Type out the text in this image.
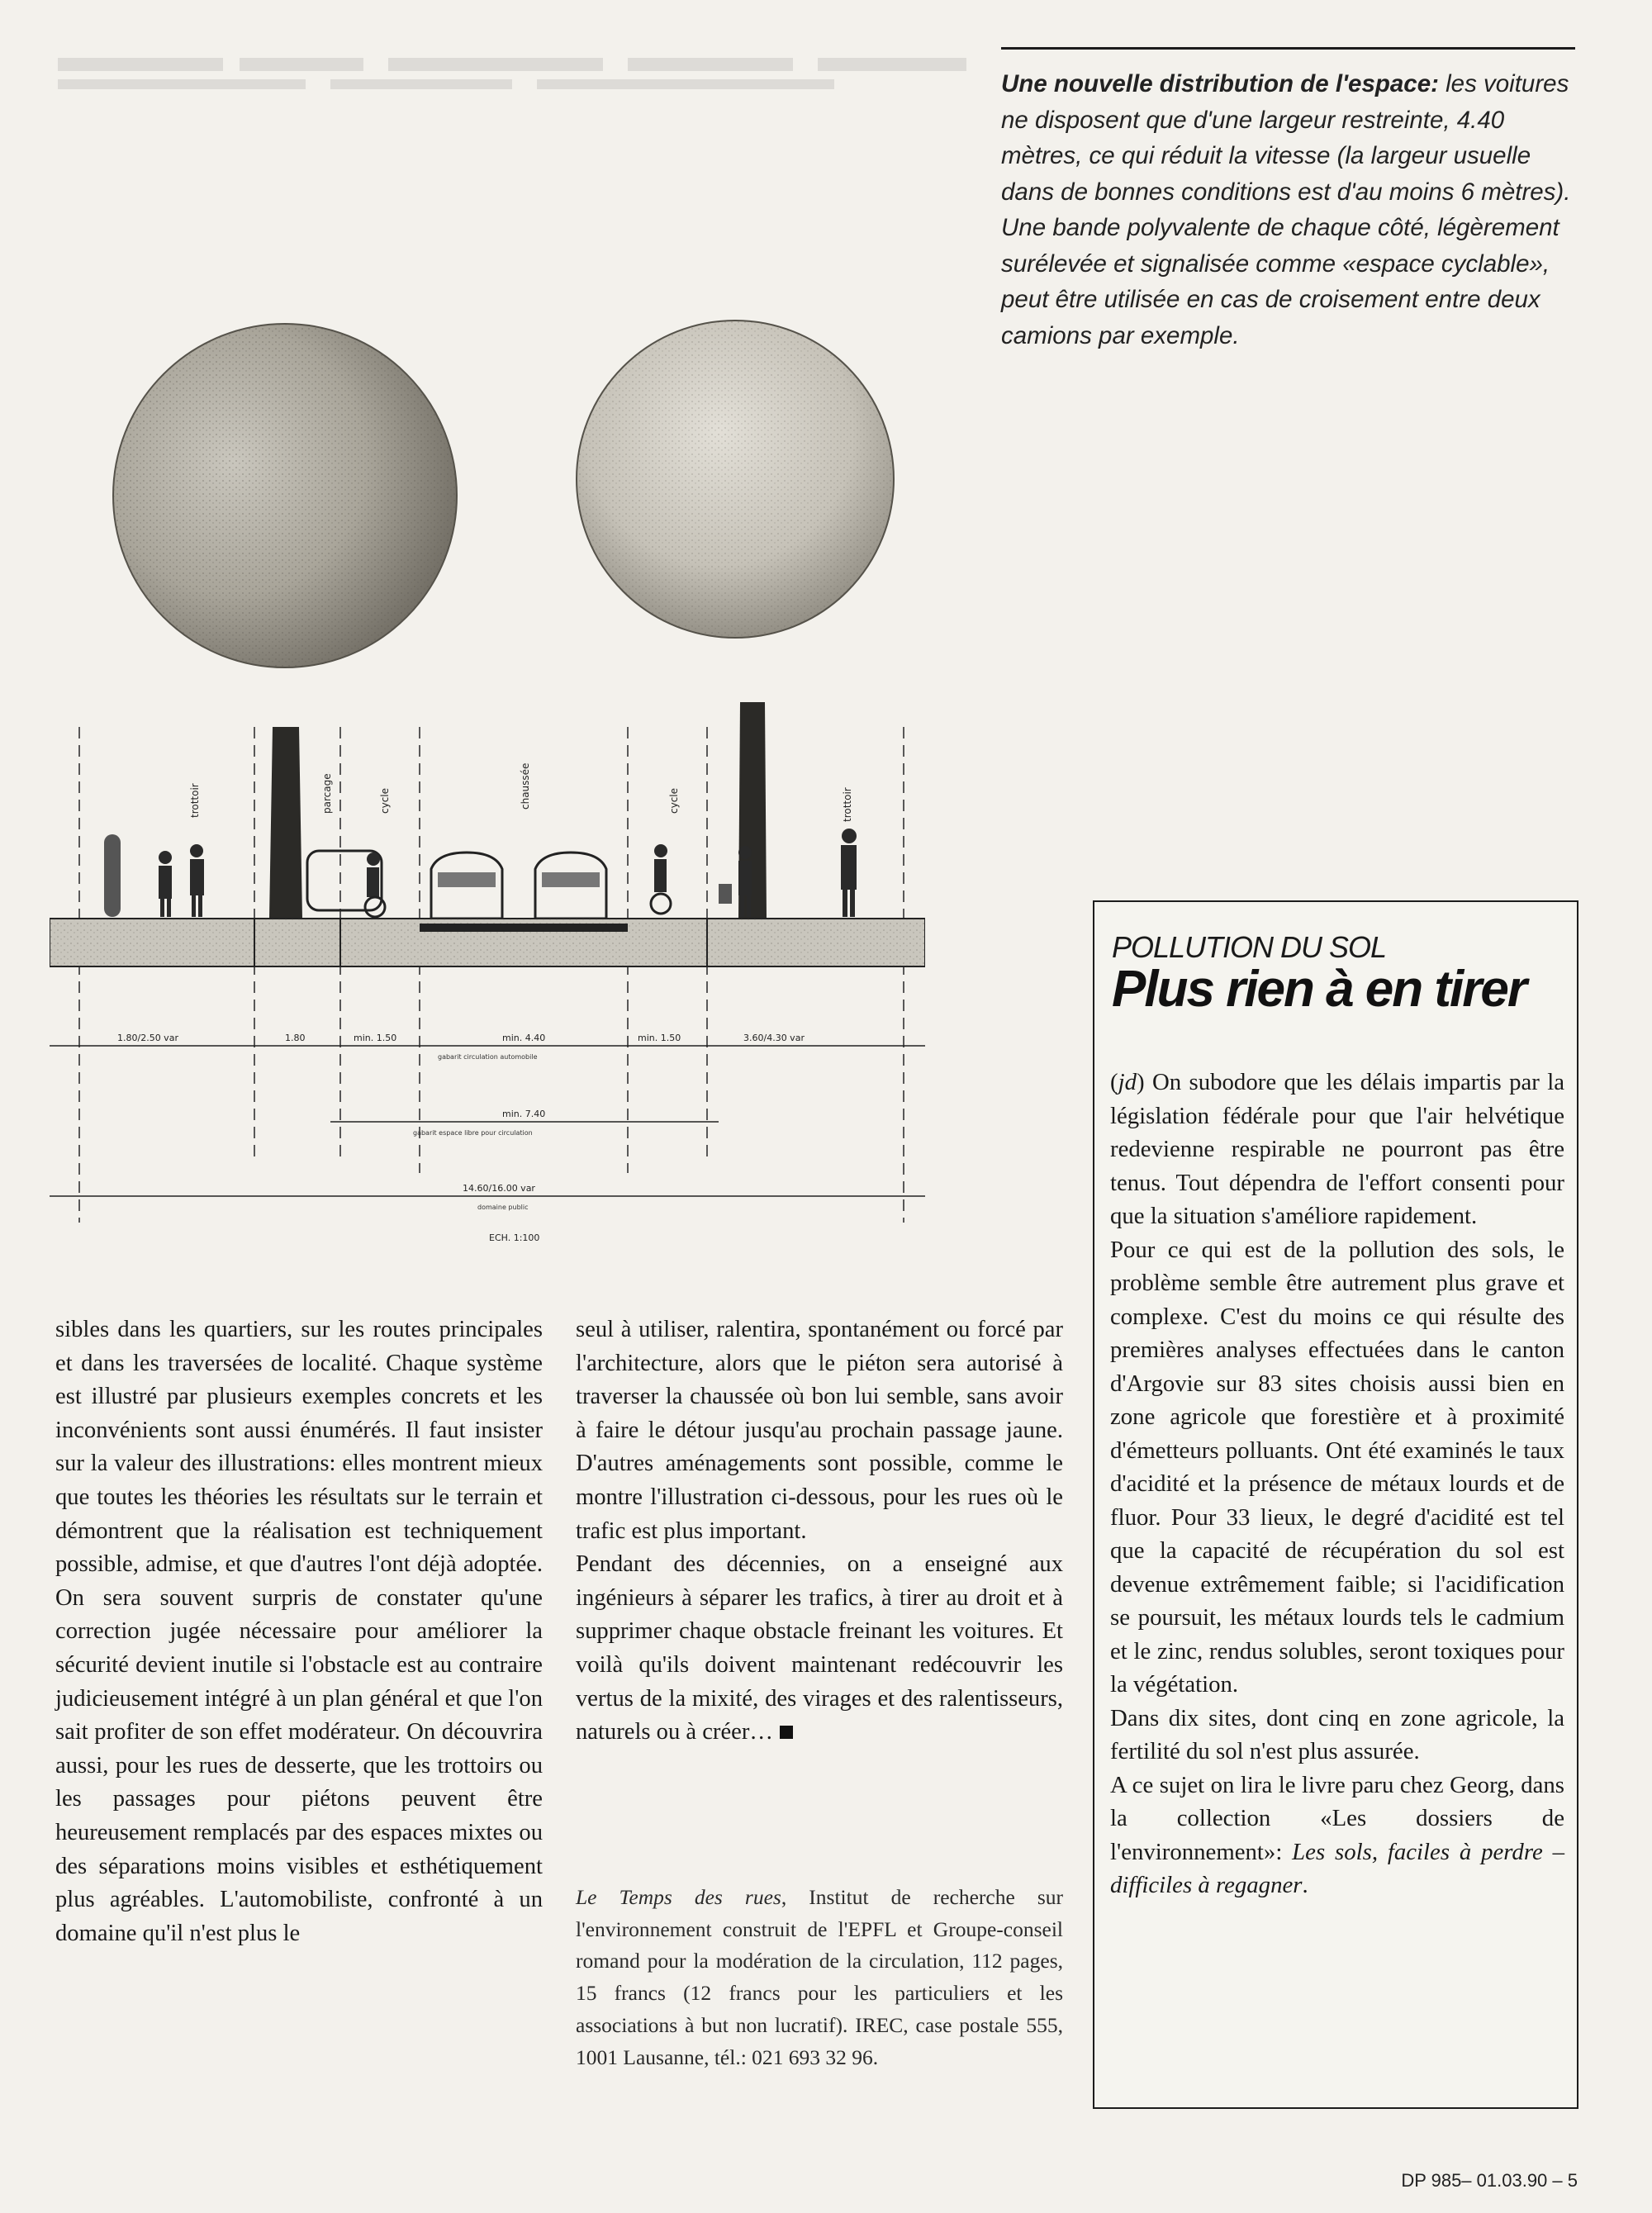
Une nouvelle distribution de l'espace: les voitures ne disposent que d'une largeur restreinte, 4.40 mètres, ce qui réduit la vitesse (la largeur usuelle dans de bonnes conditions est d'au moins 6 mètres). Une bande polyvalente de chaque côté, légèrement surélevée et signalisée comme «espace cyclable», peut être utilisée en cas de croisement entre deux camions par exemple.
trottoir	parcage	cycle	chaussée	cycle	trottoir
1.80/2.50 var	1.80	min. 1.50	min. 4.40	min. 1.50	3.60/4.30 var
gabarit circulation automobile
min. 7.40
gabarit espace libre pour circulation
14.60/16.00 var
domaine public
ECH. 1:100
sibles dans les quartiers, sur les routes principales et dans les traversées de localité. Chaque système est illustré par plusieurs exemples concrets et les inconvénients sont aussi énumérés. Il faut insister sur la valeur des illustrations: elles montrent mieux que toutes les théories les résultats sur le terrain et démontrent que la réalisation est techniquement possible, admise, et que d'autres l'ont déjà adoptée. On sera souvent surpris de constater qu'une correction jugée nécessaire pour améliorer la sécurité devient inutile si l'obstacle est au contraire judicieusement intégré à un plan général et que l'on sait profiter de son effet modérateur. On découvrira aussi, pour les rues de desserte, que les trottoirs ou les passages pour piétons peuvent être heureusement remplacés par des espaces mixtes ou des séparations moins visibles et esthétiquement plus agréables. L'automobiliste, confronté à un domaine qu'il n'est plus le
seul à utiliser, ralentira, spontanément ou forcé par l'architecture, alors que le piéton sera autorisé à traverser la chaussée où bon lui semble, sans avoir à faire le détour jusqu'au prochain passage jaune. D'autres aménagements sont possible, comme le montre l'illustration ci-dessous, pour les rues où le trafic est plus important.
Pendant des décennies, on a enseigné aux ingénieurs à séparer les trafics, à tirer au droit et à supprimer chaque obstacle freinant les voitures. Et voilà qu'ils doivent maintenant redécouvrir les vertus de la mixité, des virages et des ralentisseurs, naturels ou à créer…
Le Temps des rues, Institut de recherche sur l'environnement construit de l'EPFL et Groupe-conseil romand pour la modération de la circulation, 112 pages, 15 francs (12 francs pour les particuliers et les associations à but non lucratif). IREC, case postale 555, 1001 Lausanne, tél.: 021 693 32 96.
POLLUTION DU SOL
Plus rien à en tirer

(jd) On subodore que les délais impartis par la législation fédérale pour que l'air helvétique redevienne respirable ne pourront pas être tenus. Tout dépendra de l'effort consenti pour que la situation s'améliore rapidement.

Pour ce qui est de la pollution des sols, le problème semble être autrement plus grave et complexe. C'est du moins ce qui résulte des premières analyses effectuées dans le canton d'Argovie sur 83 sites choisis aussi bien en zone agricole que forestière et à proximité d'émetteurs polluants. Ont été examinés le taux d'acidité et la présence de métaux lourds et de fluor. Pour 33 lieux, le degré d'acidité est tel que la capacité de récupération du sol est devenue extrêmement faible; si l'acidification se poursuit, les métaux lourds tels le cadmium et le zinc, rendus solubles, seront toxiques pour la végétation.

Dans dix sites, dont cinq en zone agricole, la fertilité du sol n'est plus assurée.

A ce sujet on lira le livre paru chez Georg, dans la collection «Les dossiers de l'environnement»: Les sols, faciles à perdre – difficiles à regagner.

DP 985– 01.03.90 – 5
